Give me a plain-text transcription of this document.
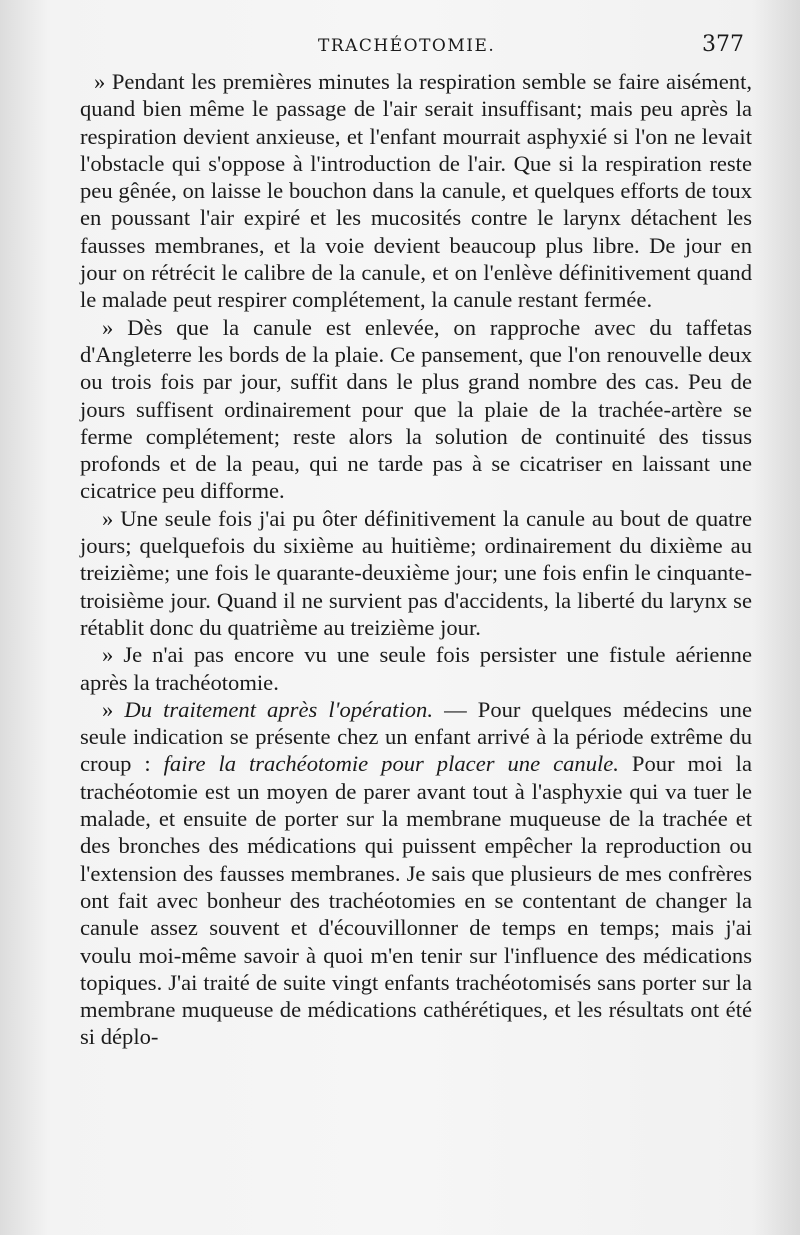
TRACHÉOTOMIE.	377

» Pendant les premières minutes la respiration semble se faire aisément, quand bien même le passage de l'air serait insuffisant; mais peu après la respiration devient anxieuse, et l'enfant mourrait asphyxié si l'on ne levait l'obstacle qui s'oppose à l'introduction de l'air. Que si la respiration reste peu gênée, on laisse le bouchon dans la canule, et quelques efforts de toux en poussant l'air expiré et les mucosités contre le larynx détachent les fausses membranes, et la voie devient beaucoup plus libre. De jour en jour on rétrécit le calibre de la canule, et on l'enlève définitivement quand le malade peut respirer complétement, la canule restant fermée.

» Dès que la canule est enlevée, on rapproche avec du taffetas d'Angleterre les bords de la plaie. Ce pansement, que l'on renouvelle deux ou trois fois par jour, suffit dans le plus grand nombre des cas. Peu de jours suffisent ordinairement pour que la plaie de la trachée-artère se ferme complétement; reste alors la solution de continuité des tissus profonds et de la peau, qui ne tarde pas à se cicatriser en laissant une cicatrice peu difforme.

» Une seule fois j'ai pu ôter définitivement la canule au bout de quatre jours; quelquefois du sixième au huitième; ordinairement du dixième au treizième; une fois le quarante-deuxième jour; une fois enfin le cinquante-troisième jour. Quand il ne survient pas d'accidents, la liberté du larynx se rétablit donc du quatrième au treizième jour.

» Je n'ai pas encore vu une seule fois persister une fistule aérienne après la trachéotomie.

» Du traitement après l'opération. — Pour quelques médecins une seule indication se présente chez un enfant arrivé à la période extrême du croup : faire la trachéotomie pour placer une canule. Pour moi la trachéotomie est un moyen de parer avant tout à l'asphyxie qui va tuer le malade, et ensuite de porter sur la membrane muqueuse de la trachée et des bronches des médications qui puissent empêcher la reproduction ou l'extension des fausses membranes. Je sais que plusieurs de mes confrères ont fait avec bonheur des trachéotomies en se contentant de changer la canule assez souvent et d'écouvillonner de temps en temps; mais j'ai voulu moi-même savoir à quoi m'en tenir sur l'influence des médications topiques. J'ai traité de suite vingt enfants trachéotomisés sans porter sur la membrane muqueuse de médications cathérétiques, et les résultats ont été si déplo-
